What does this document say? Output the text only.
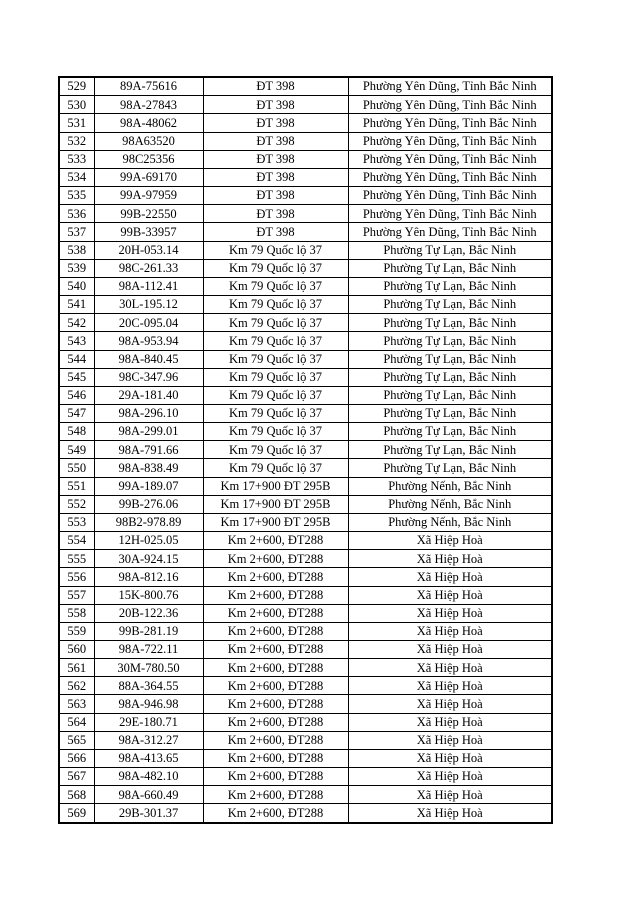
529	89A-75616	ĐT 398	Phường Yên Dũng, Tỉnh Bắc Ninh
530	98A-27843	ĐT 398	Phường Yên Dũng, Tỉnh Bắc Ninh
531	98A-48062	ĐT 398	Phường Yên Dũng, Tỉnh Bắc Ninh
532	98A63520	ĐT 398	Phường Yên Dũng, Tỉnh Bắc Ninh
533	98C25356	ĐT 398	Phường Yên Dũng, Tỉnh Bắc Ninh
534	99A-69170	ĐT 398	Phường Yên Dũng, Tỉnh Bắc Ninh
535	99A-97959	ĐT 398	Phường Yên Dũng, Tỉnh Bắc Ninh
536	99B-22550	ĐT 398	Phường Yên Dũng, Tỉnh Bắc Ninh
537	99B-33957	ĐT 398	Phường Yên Dũng, Tỉnh Bắc Ninh
538	20H-053.14	Km 79 Quốc lộ 37	Phường Tự Lạn, Bắc Ninh
539	98C-261.33	Km 79 Quốc lộ 37	Phường Tự Lạn, Bắc Ninh
540	98A-112.41	Km 79 Quốc lộ 37	Phường Tự Lạn, Bắc Ninh
541	30L-195.12	Km 79 Quốc lộ 37	Phường Tự Lạn, Bắc Ninh
542	20C-095.04	Km 79 Quốc lộ 37	Phường Tự Lạn, Bắc Ninh
543	98A-953.94	Km 79 Quốc lộ 37	Phường Tự Lạn, Bắc Ninh
544	98A-840.45	Km 79 Quốc lộ 37	Phường Tự Lạn, Bắc Ninh
545	98C-347.96	Km 79 Quốc lộ 37	Phường Tự Lạn, Bắc Ninh
546	29A-181.40	Km 79 Quốc lộ 37	Phường Tự Lạn, Bắc Ninh
547	98A-296.10	Km 79 Quốc lộ 37	Phường Tự Lạn, Bắc Ninh
548	98A-299.01	Km 79 Quốc lộ 37	Phường Tự Lạn, Bắc Ninh
549	98A-791.66	Km 79 Quốc lộ 37	Phường Tự Lạn, Bắc Ninh
550	98A-838.49	Km 79 Quốc lộ 37	Phường Tự Lạn, Bắc Ninh
551	99A-189.07	Km 17+900 ĐT 295B	Phường Nếnh, Bắc Ninh
552	99B-276.06	Km 17+900 ĐT 295B	Phường Nếnh, Bắc Ninh
553	98B2-978.89	Km 17+900 ĐT 295B	Phường Nếnh, Bắc Ninh
554	12H-025.05	Km 2+600, ĐT288	Xã Hiệp Hoà
555	30A-924.15	Km 2+600, ĐT288	Xã Hiệp Hoà
556	98A-812.16	Km 2+600, ĐT288	Xã Hiệp Hoà
557	15K-800.76	Km 2+600, ĐT288	Xã Hiệp Hoà
558	20B-122.36	Km 2+600, ĐT288	Xã Hiệp Hoà
559	99B-281.19	Km 2+600, ĐT288	Xã Hiệp Hoà
560	98A-722.11	Km 2+600, ĐT288	Xã Hiệp Hoà
561	30M-780.50	Km 2+600, ĐT288	Xã Hiệp Hoà
562	88A-364.55	Km 2+600, ĐT288	Xã Hiệp Hoà
563	98A-946.98	Km 2+600, ĐT288	Xã Hiệp Hoà
564	29E-180.71	Km 2+600, ĐT288	Xã Hiệp Hoà
565	98A-312.27	Km 2+600, ĐT288	Xã Hiệp Hoà
566	98A-413.65	Km 2+600, ĐT288	Xã Hiệp Hoà
567	98A-482.10	Km 2+600, ĐT288	Xã Hiệp Hoà
568	98A-660.49	Km 2+600, ĐT288	Xã Hiệp Hoà
569	29B-301.37	Km 2+600, ĐT288	Xã Hiệp Hoà
